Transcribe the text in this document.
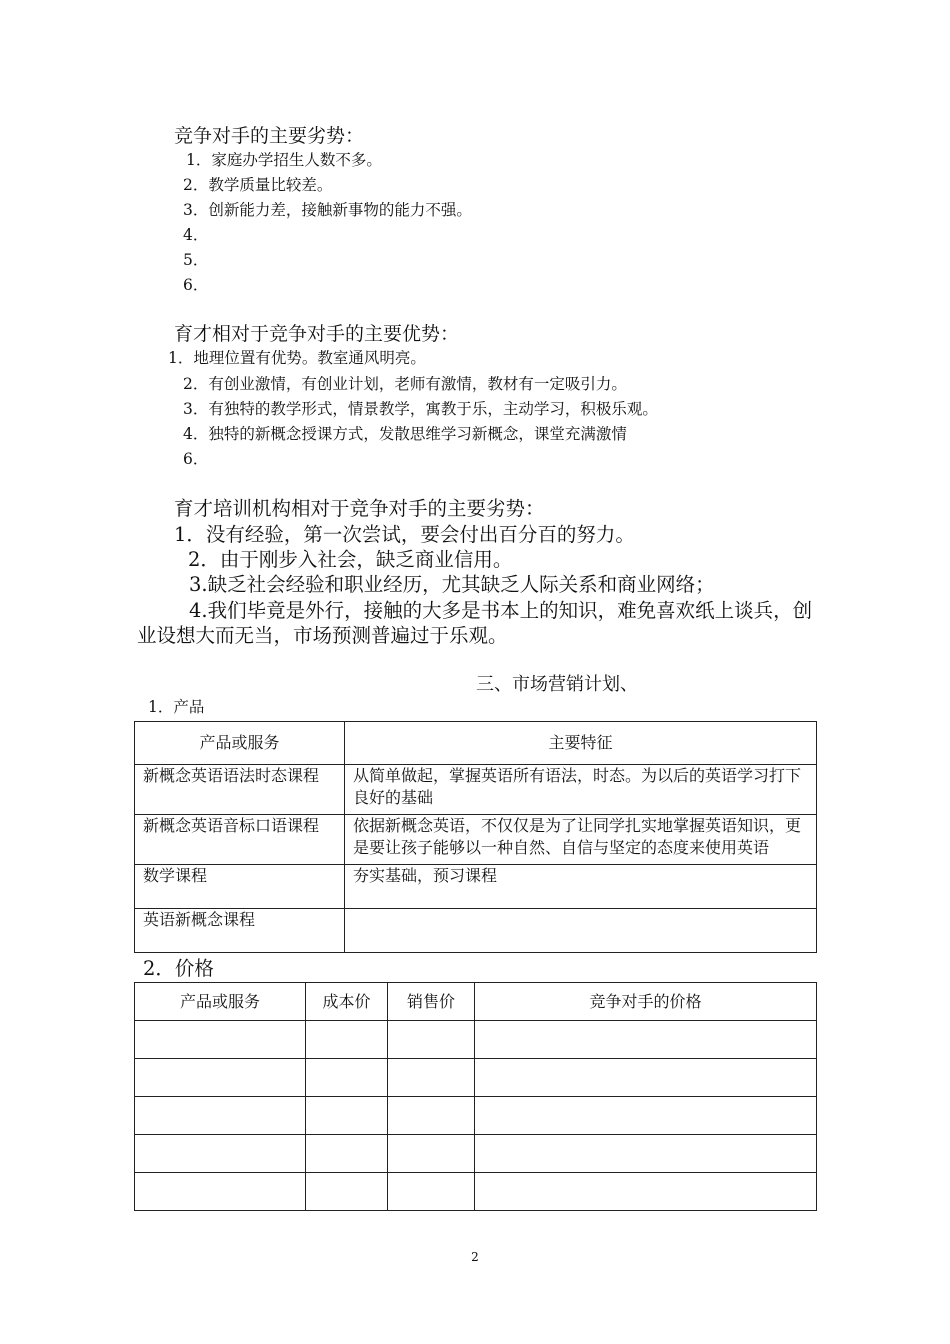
竞争对手的主要劣势：
1．家庭办学招生人数不多。
2．教学质量比较差。
3．创新能力差，接触新事物的能力不强。
4．
5．
6．
育才相对于竞争对手的主要优势：
1．地理位置有优势。教室通风明亮。
2．有创业激情，有创业计划，老师有激情，教材有一定吸引力。
3．有独特的教学形式，情景教学，寓教于乐，主动学习，积极乐观。
4．独特的新概念授课方式，发散思维学习新概念，课堂充满激情
6．
育才培训机构相对于竞争对手的主要劣势：
1．没有经验，第一次尝试，要会付出百分百的努力。
2．由于刚步入社会，缺乏商业信用。
3.缺乏社会经验和职业经历，尤其缺乏人际关系和商业网络；
4.我们毕竟是外行，接触的大多是书本上的知识，难免喜欢纸上谈兵，创业设想大而无当，市场预测普遍过于乐观。
三、市场营销计划、
1．产品
产品或服务	主要特征
新概念英语语法时态课程	从简单做起，掌握英语所有语法，时态。为以后的英语学习打下良好的基础
新概念英语音标口语课程	依据新概念英语，不仅仅是为了让同学扎实地掌握英语知识，更是要让孩子能够以一种自然、自信与坚定的态度来使用英语
数学课程	夯实基础，预习课程
英语新概念课程	
2．价格
产品或服务	成本价	销售价	竞争对手的价格

2
